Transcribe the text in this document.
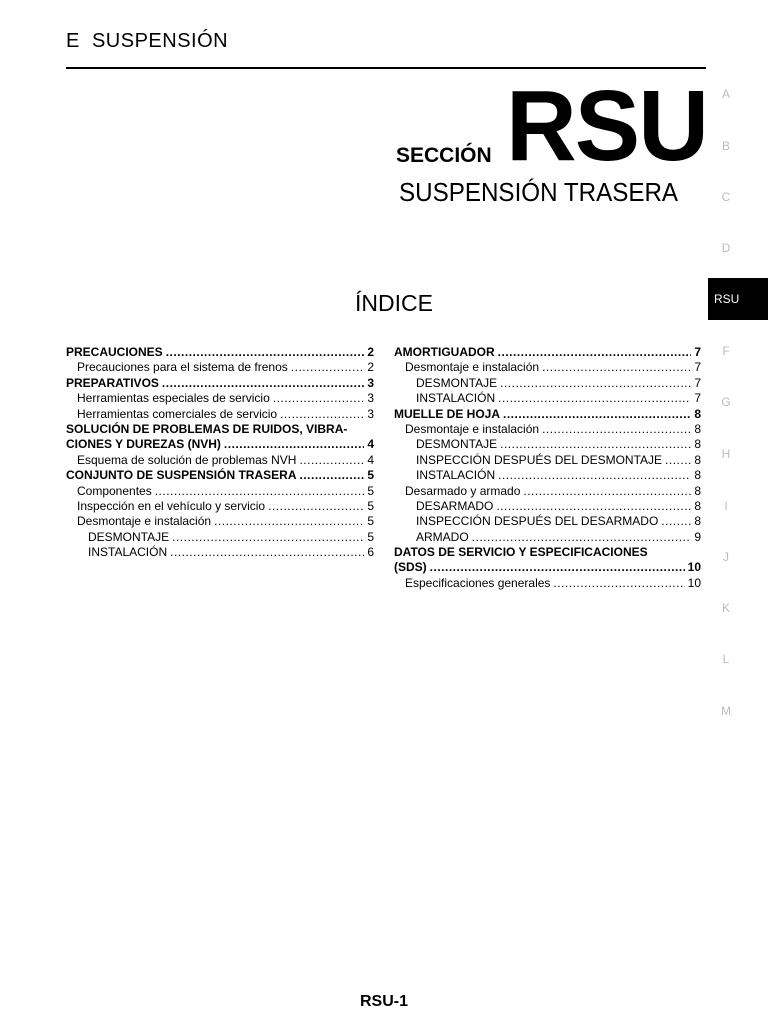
E  SUSPENSIÓN
SECCIÓN RSU
SUSPENSIÓN TRASERA
ÍNDICE
A
B
C
D
F
G
H
I
J
K
L
M
RSU
PRECAUCIONES .....	2
Precauciones para el sistema de frenos .....	2
PREPARATIVOS .....	3
Herramientas especiales de servicio .....	3
Herramientas comerciales de servicio .....	3
SOLUCIÓN DE PROBLEMAS DE RUIDOS, VIBRA-
CIONES Y DUREZAS (NVH) .....	4
Esquema de solución de problemas NVH .....	4
CONJUNTO DE SUSPENSIÓN TRASERA .....	5
Componentes .....	5
Inspección en el vehículo y servicio .....	5
Desmontaje e instalación .....	5
DESMONTAJE .....	5
INSTALACIÓN .....	6
AMORTIGUADOR .....	7
Desmontaje e instalación .....	7
DESMONTAJE .....	7
INSTALACIÓN .....	7
MUELLE DE HOJA .....	8
Desmontaje e instalación .....	8
DESMONTAJE .....	8
INSPECCIÓN DESPUÉS DEL DESMONTAJE .....	8
INSTALACIÓN .....	8
Desarmado y armado .....	8
DESARMADO .....	8
INSPECCIÓN DESPUÉS DEL DESARMADO .....	8
ARMADO .....	9
DATOS DE SERVICIO Y ESPECIFICACIONES
(SDS) .....	10
Especificaciones generales .....	10
RSU-1
